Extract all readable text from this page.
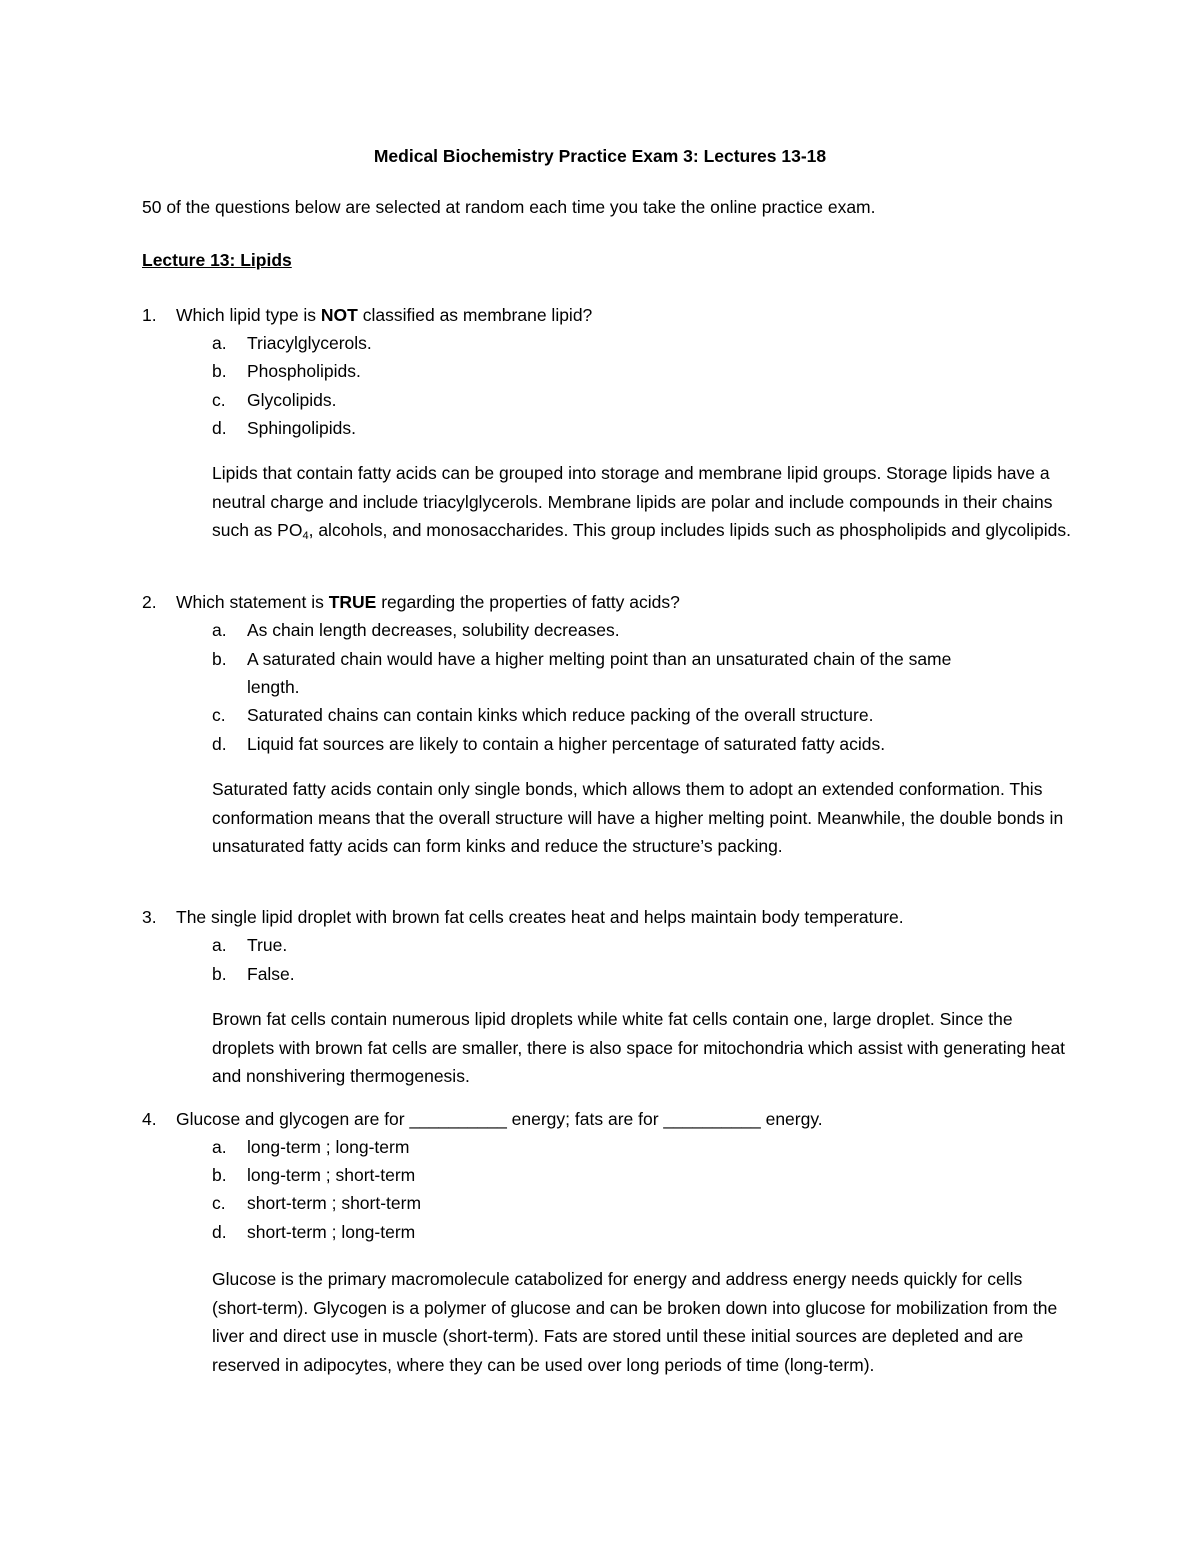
Medical Biochemistry Practice Exam 3: Lectures 13-18
50 of the questions below are selected at random each time you take the online practice exam.
Lecture 13: Lipids
1. Which lipid type is NOT classified as membrane lipid?
a. Triacylglycerols.
b. Phospholipids.
c. Glycolipids.
d. Sphingolipids.
Lipids that contain fatty acids can be grouped into storage and membrane lipid groups. Storage lipids have a neutral charge and include triacylglycerols. Membrane lipids are polar and include compounds in their chains such as $PO_4$, alcohols, and monosaccharides. This group includes lipids such as phospholipids and glycolipids.
2. Which statement is TRUE regarding the properties of fatty acids?
a. As chain length decreases, solubility decreases.
b. A saturated chain would have a higher melting point than an unsaturated chain of the same
length.
c. Saturated chains can contain kinks which reduce packing of the overall structure.
d. Liquid fat sources are likely to contain a higher percentage of saturated fatty acids.
Saturated fatty acids contain only single bonds, which allows them to adopt an extended conformation. This conformation means that the overall structure will have a higher melting point. Meanwhile, the double bonds in unsaturated fatty acids can form kinks and reduce the structure’s packing.
3. The single lipid droplet with brown fat cells creates heat and helps maintain body temperature.
a. True.
b. False.
Brown fat cells contain numerous lipid droplets while white fat cells contain one, large droplet. Since the droplets with brown fat cells are smaller, there is also space for mitochondria which assist with generating heat and nonshivering thermogenesis.
4. Glucose and glycogen are for __________ energy; fats are for __________ energy.
a. long-term ; long-term
b. long-term ; short-term
c. short-term ; short-term
d. short-term ; long-term
Glucose is the primary macromolecule catabolized for energy and address energy needs quickly for cells (short-term). Glycogen is a polymer of glucose and can be broken down into glucose for mobilization from the liver and direct use in muscle (short-term). Fats are stored until these initial sources are depleted and are reserved in adipocytes, where they can be used over long periods of time (long-term).
